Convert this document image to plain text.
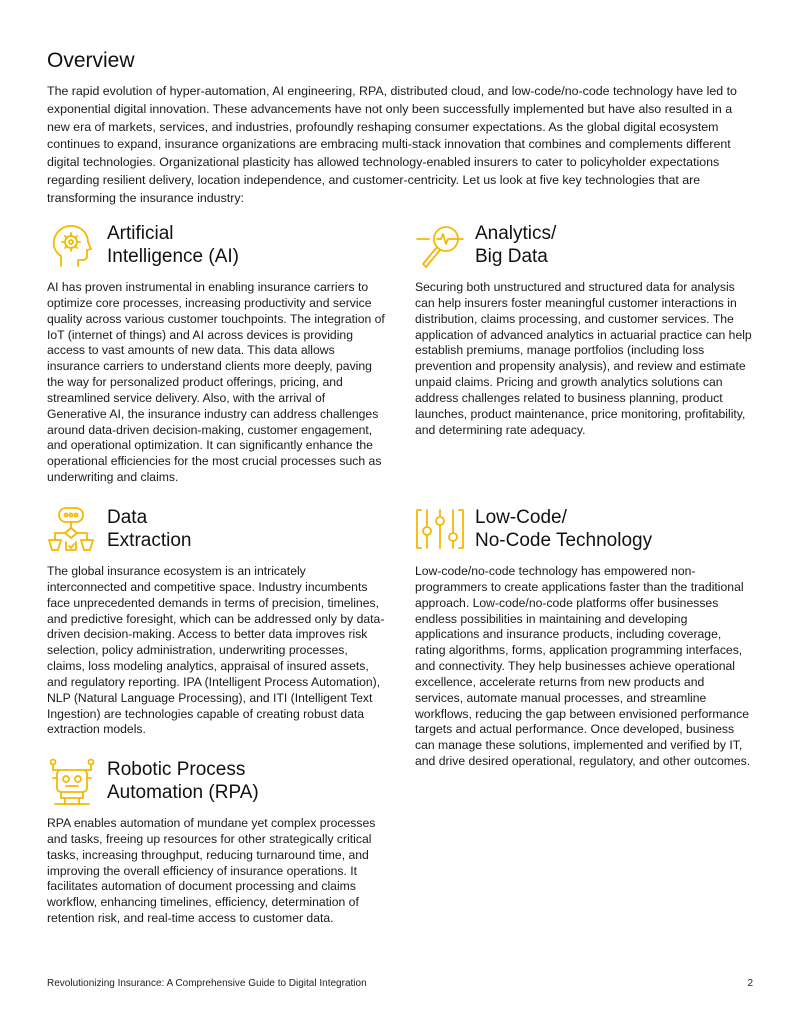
Overview

The rapid evolution of hyper-automation, AI engineering, RPA, distributed cloud, and low-code/no-code technology have led to exponential digital innovation. These advancements have not only been successfully implemented but have also resulted in a new era of markets, services, and industries, profoundly reshaping consumer expectations. As the global digital ecosystem continues to expand, insurance organizations are embracing multi-stack innovation that combines and complements different digital technologies. Organizational plasticity has allowed technology-enabled insurers to cater to policyholder expectations regarding resilient delivery, location independence, and customer-centricity. Let us look at five key technologies that are transforming the insurance industry:

Artificial
Intelligence (AI)

AI has proven instrumental in enabling insurance carriers to optimize core processes, increasing productivity and service quality across various customer touchpoints. The integration of IoT (internet of things) and AI across devices is providing access to vast amounts of new data. This data allows insurance carriers to understand clients more deeply, paving the way for personalized product offerings, pricing, and streamlined service delivery. Also, with the arrival of Generative AI, the insurance industry can address challenges around data-driven decision-making, customer engagement, and operational optimization. It can significantly enhance the operational efficiencies for the most crucial processes such as underwriting and claims.

Analytics/
Big Data

Securing both unstructured and structured data for analysis can help insurers foster meaningful customer interactions in distribution, claims processing, and customer services. The application of advanced analytics in actuarial practice can help establish premiums, manage portfolios (including loss prevention and propensity analysis), and review and estimate unpaid claims. Pricing and growth analytics solutions can address challenges related to business planning, product launches, product maintenance, price monitoring, profitability, and determining rate adequacy.

Data
Extraction

The global insurance ecosystem is an intricately interconnected and competitive space. Industry incumbents face unprecedented demands in terms of precision, timelines, and predictive foresight, which can be addressed only by data-driven decision-making. Access to better data improves risk selection, policy administration, underwriting processes, claims, loss modeling analytics, appraisal of insured assets, and regulatory reporting. IPA (Intelligent Process Automation), NLP (Natural Language Processing), and ITI (Intelligent Text Ingestion) are technologies capable of creating robust data extraction models.

Low-Code/
No-Code Technology

Low-code/no-code technology has empowered non-programmers to create applications faster than the traditional approach. Low-code/no-code platforms offer businesses endless possibilities in maintaining and developing applications and insurance products, including coverage, rating algorithms, forms, application programming interfaces, and connectivity. They help businesses achieve operational excellence, accelerate returns from new products and services, automate manual processes, and streamline workflows, reducing the gap between envisioned performance targets and actual performance. Once developed, business can manage these solutions, implemented and verified by IT, and drive desired operational, regulatory, and other outcomes.

Robotic Process
Automation (RPA)

RPA enables automation of mundane yet complex processes and tasks, freeing up resources for other strategically critical tasks, increasing throughput, reducing turnaround time, and improving the overall efficiency of insurance operations. It facilitates automation of document processing and claims workflow, enhancing timelines, efficiency, determination of retention risk, and real-time access to customer data.

Revolutionizing Insurance: A Comprehensive Guide to Digital Integration	2
